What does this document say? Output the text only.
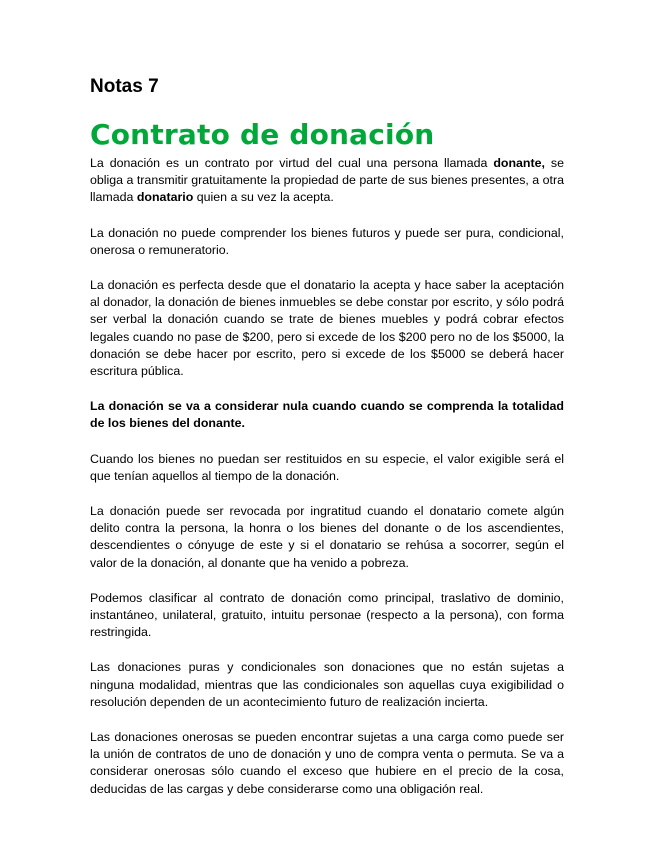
Notas 7
Contrato de donación

La donación es un contrato por virtud del cual una persona llamada donante, se obliga a transmitir gratuitamente la propiedad de parte de sus bienes presentes, a otra llamada donatario quien a su vez la acepta.

La donación no puede comprender los bienes futuros y puede ser pura, condicional, onerosa o remuneratorio.

La donación es perfecta desde que el donatario la acepta y hace saber la aceptación al donador, la donación de bienes inmuebles se debe constar por escrito, y sólo podrá ser verbal la donación cuando se trate de bienes muebles y podrá cobrar efectos legales cuando no pase de $200, pero si excede de los $200 pero no de los $5000, la donación se debe hacer por escrito, pero si excede de los $5000 se deberá hacer escritura pública.

La donación se va a considerar nula cuando cuando se comprenda la totalidad de los bienes del donante.

Cuando los bienes no puedan ser restituidos en su especie, el valor exigible será el que tenían aquellos al tiempo de la donación.

La donación puede ser revocada por ingratitud cuando el donatario comete algún delito contra la persona, la honra o los bienes del donante o de los ascendientes, descendientes o cónyuge de este y si el donatario se rehúsa a socorrer, según el valor de la donación, al donante que ha venido a pobreza.

Podemos clasificar al contrato de donación como principal, traslativo de dominio, instantáneo, unilateral, gratuito, intuitu personae (respecto a la persona), con forma restringida.

Las donaciones puras y condicionales son donaciones que no están sujetas a ninguna modalidad, mientras que las condicionales son aquellas cuya exigibilidad o resolución dependen de un acontecimiento futuro de realización incierta.

Las donaciones onerosas se pueden encontrar sujetas a una carga como puede ser la unión de contratos de uno de donación y uno de compra venta o permuta. Se va a considerar onerosas sólo cuando el exceso que hubiere en el precio de la cosa, deducidas de las cargas y debe considerarse como una obligación real.
